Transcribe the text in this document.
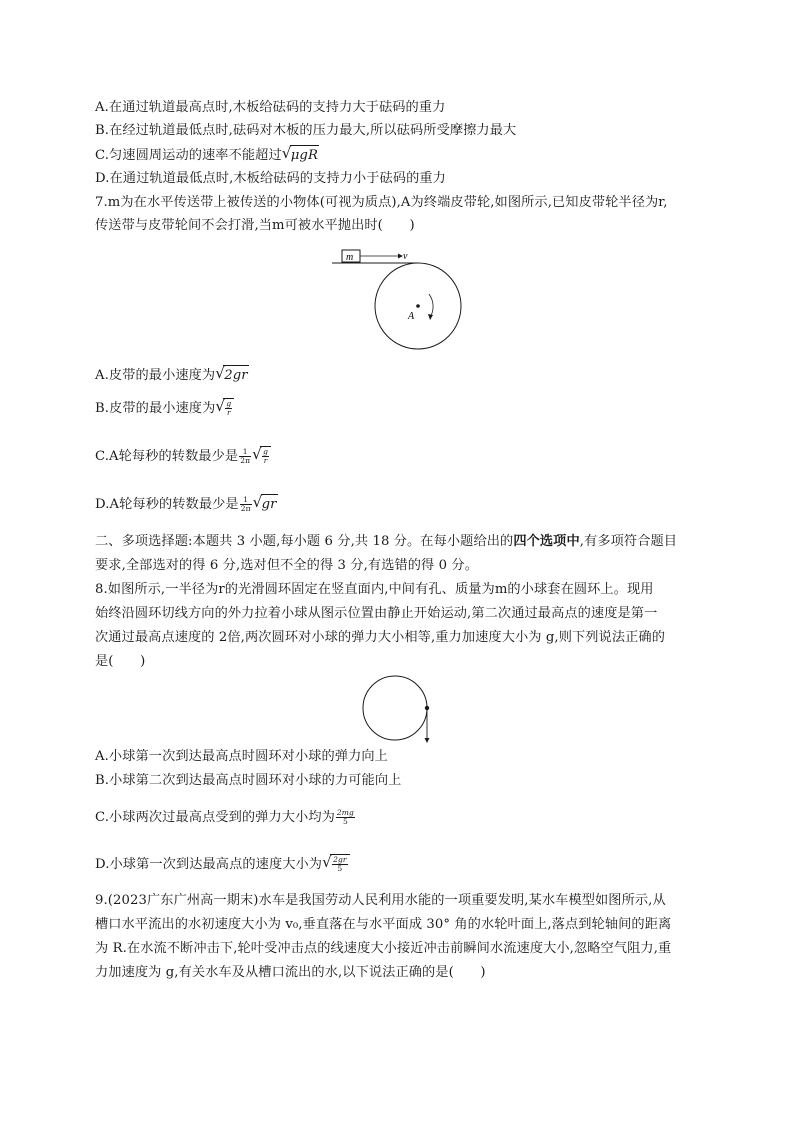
A.在通过轨道最高点时,木板给砝码的支持力大于砝码的重力
B.在经过轨道最低点时,砝码对木板的压力最大,所以砝码所受摩擦力最大
C.匀速圆周运动的速率不能超过 √ μgR
D.在通过轨道最低点时,木板给砝码的支持力小于砝码的重力
7.m为在水平传送带上被传送的小物体(可视为质点),A为终端皮带轮,如图所示,已知皮带轮半径为r,
传送带与皮带轮间不会打滑,当m可被水平抛出时(　　)
m	v
A
A.皮带的最小速度为 √ 2gr
B.皮带的最小速度为 √ $\frac{g}{r}$
C.A轮每秒的转数最少是 $\frac{1}{2\pi}$ √ $\frac{g}{r}$
D.A轮每秒的转数最少是 $\frac{1}{2\pi}$ √ gr
二、多项选择题:本题共 3 小题,每小题 6 分,共 18 分。在每小题给出的四个选项中,有多项符合题目
要求,全部选对的得 6 分,选对但不全的得 3 分,有选错的得 0 分。
8.如图所示,一半径为r的光滑圆环固定在竖直面内,中间有孔、质量为m的小球套在圆环上。现用
始终沿圆环切线方向的外力拉着小球从图示位置由静止开始运动,第二次通过最高点的速度是第一
次通过最高点速度的 2倍,两次圆环对小球的弹力大小相等,重力加速度大小为 g,则下列说法正确的
是(　　)
A.小球第一次到达最高点时圆环对小球的弹力向上
B.小球第二次到达最高点时圆环对小球的力可能向上
C.小球两次过最高点受到的弹力大小均为 $\frac{2mg}{5}$
D.小球第一次到达最高点的速度大小为 √ $\frac{2gr}{5}$
9.(2023广东广州高一期末)水车是我国劳动人民利用水能的一项重要发明,某水车模型如图所示,从
槽口水平流出的水初速度大小为 v₀,垂直落在与水平面成 30° 角的水轮叶面上,落点到轮轴间的距离
为 R.在水流不断冲击下,轮叶受冲击点的线速度大小接近冲击前瞬间水流速度大小,忽略空气阻力,重
力加速度为 g,有关水车及从槽口流出的水,以下说法正确的是(　　)
